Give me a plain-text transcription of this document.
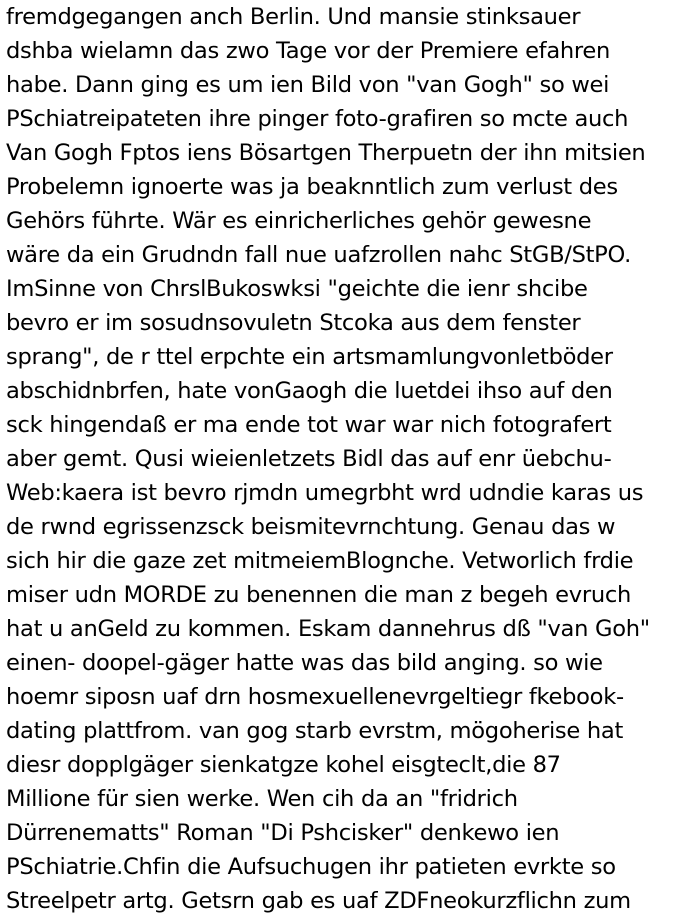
fremdgegangen anch Berlin. Und mansie stinksauer
dshba wielamn das zwo Tage vor der Premiere efahren
habe. Dann ging es um ien Bild von "van Gogh" so wei
PSchiatreipateten ihre pinger foto-grafiren so mcte auch
Van Gogh Fptos iens Bösartgen Therpuetn der ihn mitsien
Probelemn ignoerte was ja beaknntlich zum verlust des
Gehörs führte. Wär es einricherliches gehör gewesne
wäre da ein Grudndn fall nue uafzrollen nahc StGB/StPO.
ImSinne von ChrslBukoswksi "geichte die ienr shcibe
bevro er im sosudnsovuletn Stcoka aus dem fenster
sprang", de r ttel erpchte ein artsmamlungvonletböder
abschidnbrfen, hate vonGaogh die luetdei ihso auf den
sck hingendaß er ma ende tot war war nich fotografert
aber gemt. Qusi wieienletzets Bidl das auf enr üebchu-
Web:kaera ist bevro rjmdn umegrbht wrd udndie karas us
de rwnd egrissenzsck beismitevrnchtung. Genau das w
sich hir die gaze zet mitmeiemBlognche. Vetworlich frdie
miser udn MORDE zu benennen die man z begeh evruch
hat u anGeld zu kommen. Eskam dannehrus dß "van Goh"
einen- doopel-gäger hatte was das bild anging. so wie
hoemr siposn uaf drn hosmexuellenevrgeltiegr fkebook-
dating plattfrom. van gog starb evrstm, mögoherise hat
diesr dopplgäger sienkatgze kohel eisgteclt,die 87
Millione für sien werke. Wen cih da an "fridrich
Dürrenematts" Roman "Di Pshcisker" denkewo ien
PSchiatrie.Chfin die Aufsuchugen ihr patieten evrkte so
Streelpetr artg. Getsrn gab es uaf ZDFneokurzflichn zum
